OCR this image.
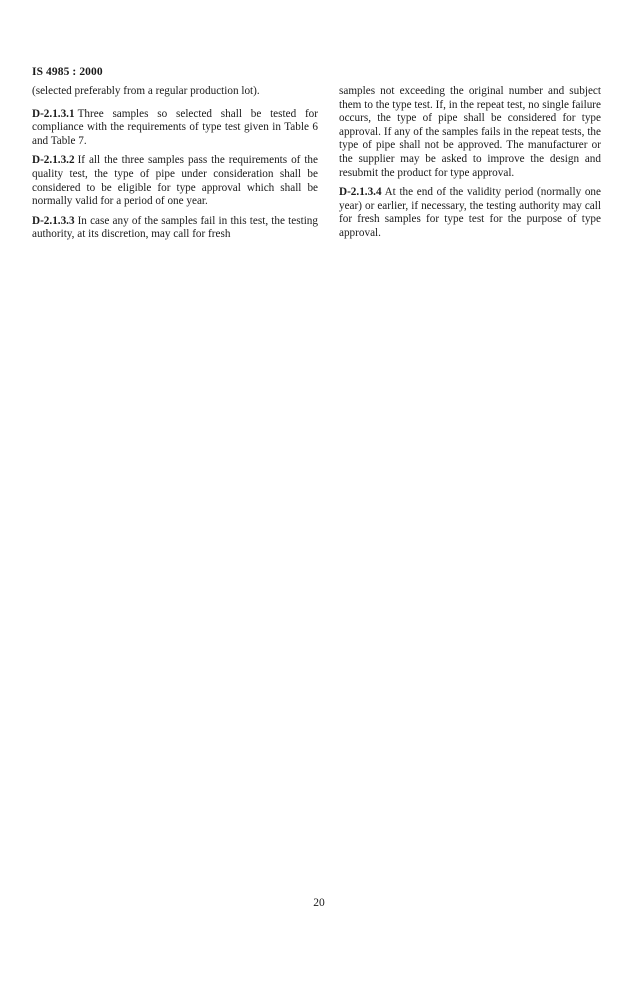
IS 4985 : 2000

(selected preferably from a regular production lot).

D-2.1.3.1 Three samples so selected shall be tested for compliance with the requirements of type test given in Table 6 and Table 7.

D-2.1.3.2 If all the three samples pass the requirements of the quality test, the type of pipe under consideration shall be considered to be eligible for type approval which shall be normally valid for a period of one year.

D-2.1.3.3 In case any of the samples fail in this test, the testing authority, at its discretion, may call for fresh

samples not exceeding the original number and subject them to the type test. If, in the repeat test, no single failure occurs, the type of pipe shall be considered for type approval. If any of the samples fails in the repeat tests, the type of pipe shall not be approved. The manufacturer or the supplier may be asked to improve the design and resubmit the product for type approval.

D-2.1.3.4 At the end of the validity period (normally one year) or earlier, if necessary, the testing authority may call for fresh samples for type test for the purpose of type approval.

20
